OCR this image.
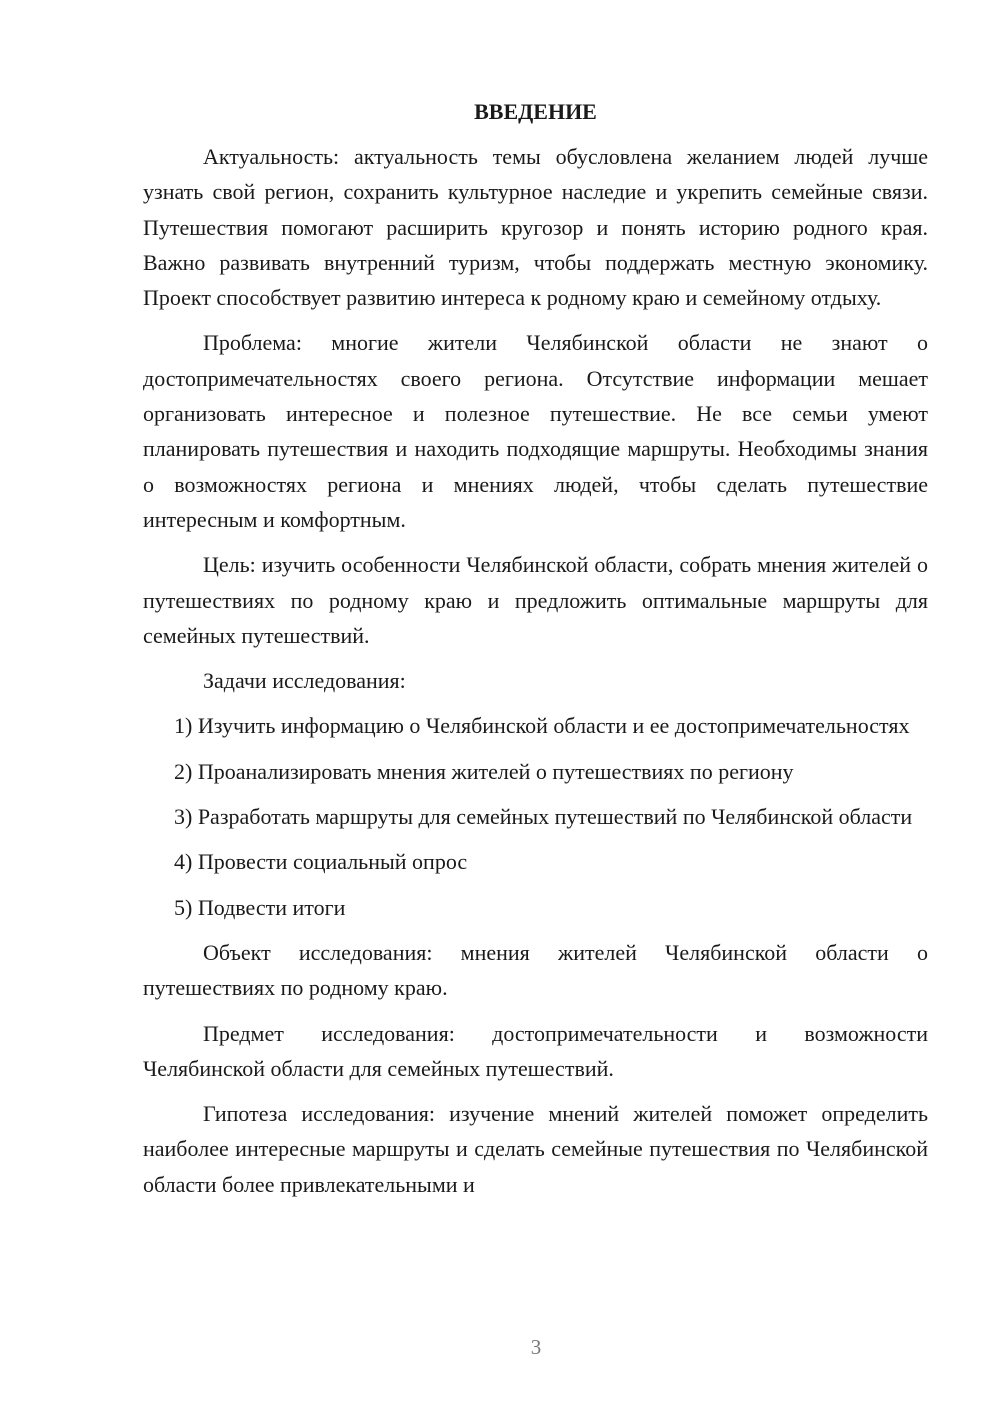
ВВЕДЕНИЕ

Актуальность: актуальность темы обусловлена желанием людей лучше узнать свой регион, сохранить культурное наследие и укрепить семейные связи. Путешествия помогают расширить кругозор и понять историю родного края. Важно развивать внутренний туризм, чтобы поддержать местную экономику. Проект способствует развитию интереса к родному краю и семейному отдыху.

Проблема: многие жители Челябинской области не знают о достопримечательностях своего региона. Отсутствие информации мешает организовать интересное и полезное путешествие. Не все семьи умеют планировать путешествия и находить подходящие маршруты. Необходимы знания о возможностях региона и мнениях людей, чтобы сделать путешествие интересным и комфортным.

Цель: изучить особенности Челябинской области, собрать мнения жителей о путешествиях по родному краю и предложить оптимальные маршруты для семейных путешествий.

Задачи исследования:

1) Изучить информацию о Челябинской области и ее достопримечательностях

2) Проанализировать мнения жителей о путешествиях по региону

3) Разработать маршруты для семейных путешествий по Челябинской области

4) Провести социальный опрос

5) Подвести итоги

Объект исследования: мнения жителей Челябинской области о путешествиях по родному краю.

Предмет исследования: достопримечательности и возможности Челябинской области для семейных путешествий.

Гипотеза исследования: изучение мнений жителей поможет определить наиболее интересные маршруты и сделать семейные путешествия по Челябинской области более привлекательными и

3
